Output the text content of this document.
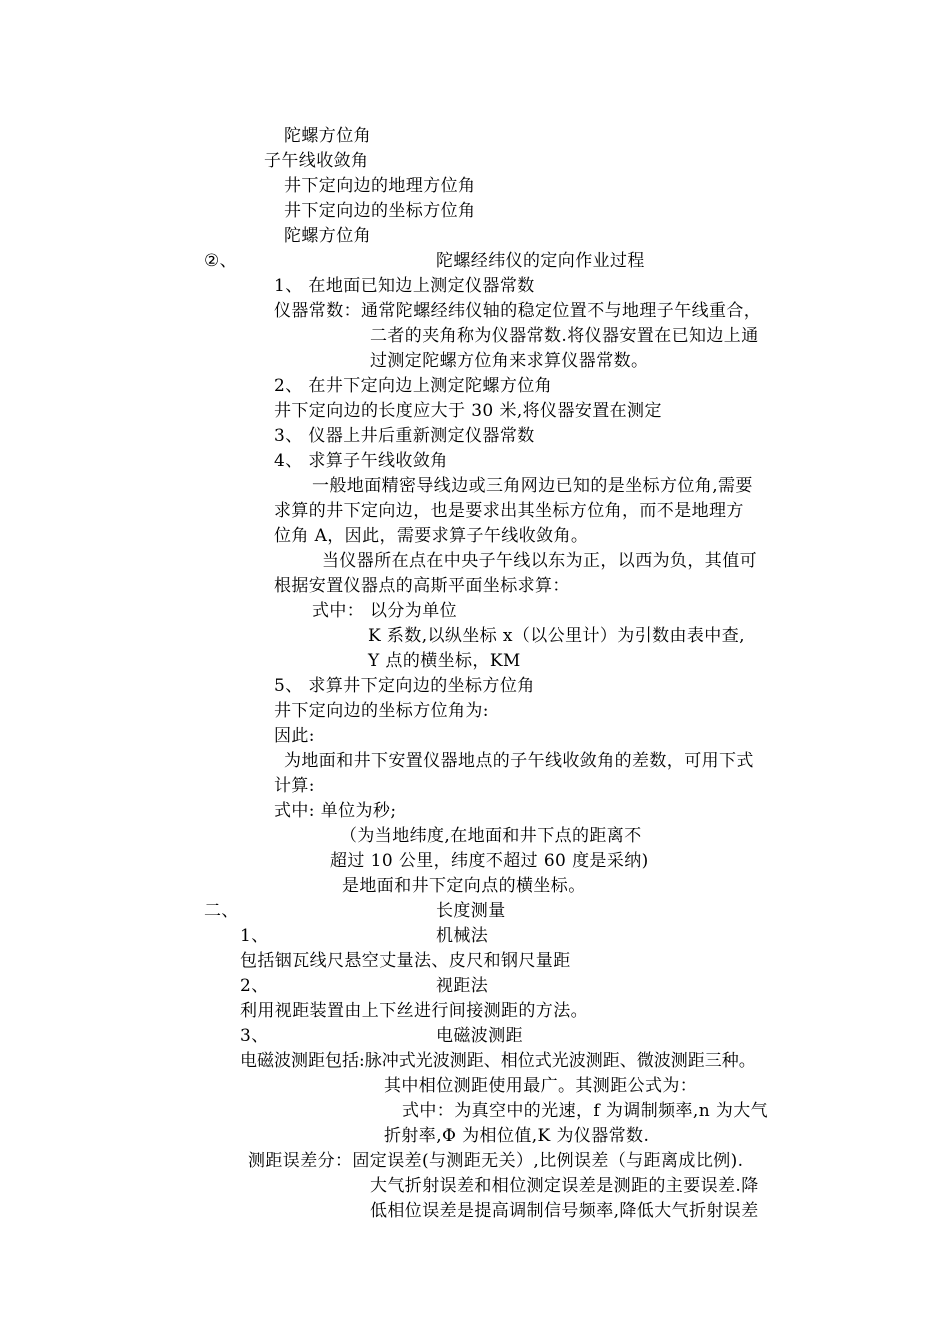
陀螺方位角
子午线收敛角
井下定向边的地理方位角
井下定向边的坐标方位角
陀螺方位角
②、	陀螺经纬仪的定向作业过程
1、 在地面已知边上测定仪器常数
仪器常数：通常陀螺经纬仪轴的稳定位置不与地理子午线重合，
二者的夹角称为仪器常数.将仪器安置在已知边上通
过测定陀螺方位角来求算仪器常数。
2、 在井下定向边上测定陀螺方位角
井下定向边的长度应大于 30 米,将仪器安置在测定
3、 仪器上井后重新测定仪器常数
4、 求算子午线收敛角
一般地面精密导线边或三角网边已知的是坐标方位角,需要
求算的井下定向边，也是要求出其坐标方位角，而不是地理方
位角 A，因此，需要求算子午线收敛角。
当仪器所在点在中央子午线以东为正，以西为负，其值可
根据安置仪器点的高斯平面坐标求算：
式中： 以分为单位
K 系数,以纵坐标 x（以公里计）为引数由表中查,
Y 点的横坐标，KM
5、 求算井下定向边的坐标方位角
井下定向边的坐标方位角为:
因此:
为地面和井下安置仪器地点的子午线收敛角的差数，可用下式
计算:
式中: 单位为秒;
（为当地纬度,在地面和井下点的距离不
超过 10 公里，纬度不超过 60 度是采纳)
是地面和井下定向点的横坐标。
二、	长度测量
1、	机械法
包括铟瓦线尺悬空丈量法、皮尺和钢尺量距
2、	视距法
利用视距装置由上下丝进行间接测距的方法。
3、	电磁波测距
电磁波测距包括:脉冲式光波测距、相位式光波测距、微波测距三种。
其中相位测距使用最广。其测距公式为：
式中：为真空中的光速，f 为调制频率,n 为大气
折射率,Φ 为相位值,K 为仪器常数.
测距误差分：固定误差(与测距无关）,比例误差（与距离成比例).
大气折射误差和相位测定误差是测距的主要误差.降
低相位误差是提高调制信号频率,降低大气折射误差
